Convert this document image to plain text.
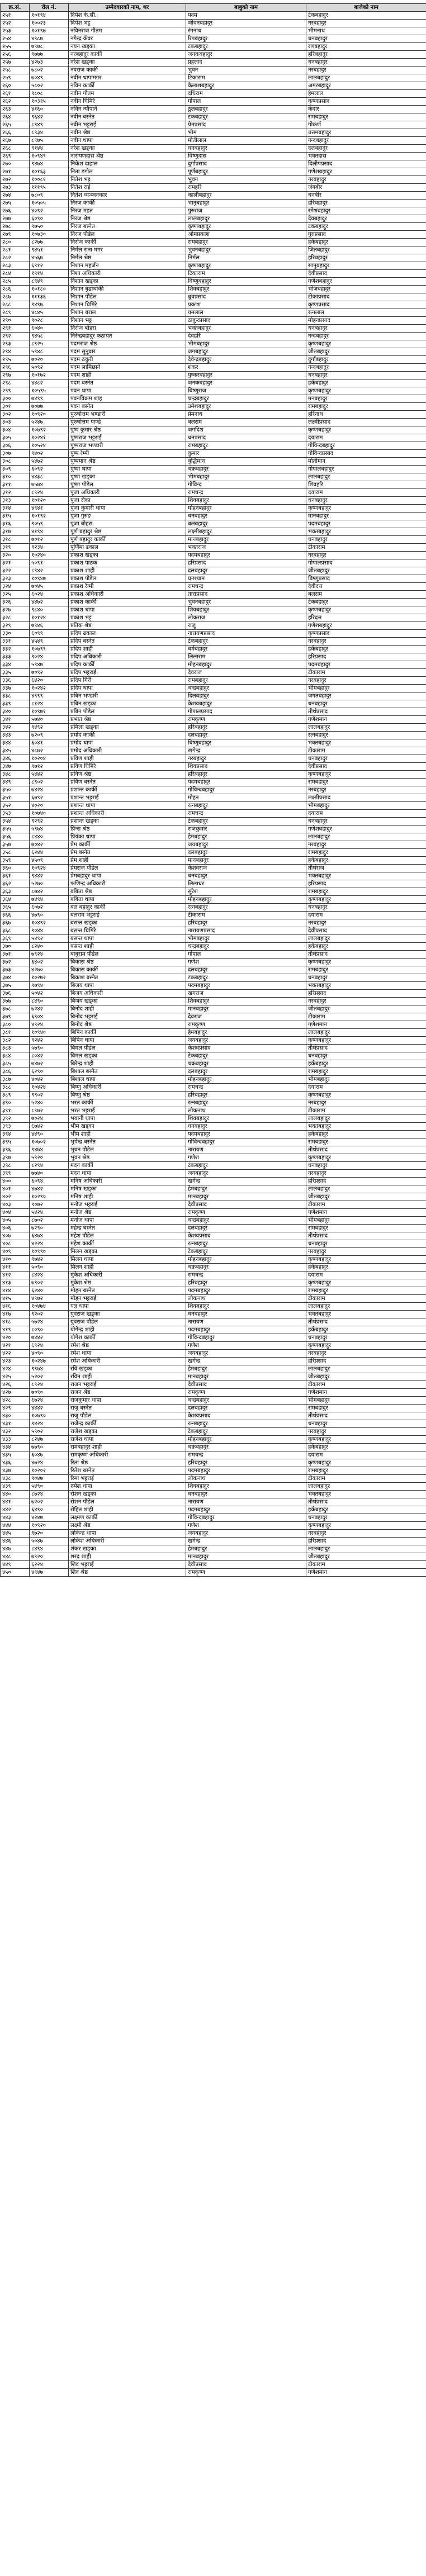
क्र.सं.	रोल नं.	उम्मेदवारको नाम, थर	बाबुको नाम	बाजेको नाम
२५१	१०१९४	दिपेश के.सी.	पदम	टेकबहादुर
२५२	१००२३	दिपेश भट्ट	जीवनबहादुर	नरबहादुर
२५३	१०१९७	नविनराज गौतम	रंगनाथ	भीमनाथ
२५४	४९८७	नगेन्द्र कँवर	रिपबहादुर	धनबहादुर
२५५	७९७८	नयन खड्का	टकबहादुर	रणबहादुर
२५६	९७७७	नरबहादुर कार्की	जनकबहादुर	हरिबहादुर
२५७	४२७३	नरेश खड्का	प्रहलाद	धनबहादुर
२५८	७८०२	नवराज कार्की	भुवन	नरबहादुर
२५९	७०४९	नवीन थापामगर	टिकाराम	लालबहादुर
२६०	५८०२	नविन कार्की	कैलाशबहादुर	अमरबहादुर
२६१	९८०८	नवीन गौतम	दधिराम	हेमलाल
२६२	१०३१५	नवीन घिमिरे	गोपाल	कृष्णप्रसाद
२६३	४१६०	नविन न्यौपाने	ठुलबहादुर	केदार
२६४	९६४२	नवीन बस्नेत	टकबहादुर	रामबहादुर
२६५	८९४९	नवीन भट्टराई	प्रेमप्रसाद	गोकर्ण
२६६	८९३४	नवीन श्रेष्ठ	भीम	उत्तमबहादुर
२६७	८९७५	नवीन थापा	मोतीलाल	नन्दबहादुर
२६८	९१४४	नरेश खड्का	धनबहादुर	दलबहादुर
२६९	१०९४९	नारायणदास श्रेष्ठ	विष्णुदास	भक्तदास
२७०	९४७४	निकेश दाहाल	दुर्गाप्रसाद	दिलीपप्रसाद
२७१	१०१६३	निता डगोल	पूर्णबहादुर	गणेशबहादुर
२७२	१००८१	नितेश भट्ट	भुवन	नरबहादुर
२७३	१११९५	नितेश राई	रामहरि	जंगबीर
२७४	७८०९	नितेश व्यञ्जनकार	कालीबहादुर	धनबीर
२७५	१०५०५	निरज कार्की	भानुबहादुर	हरिबहादुर
२७६	४०९२	निरज महत	पुरुराज	रमेशबहादुर
२७७	६०९०	निरज श्रेष्ठ	लालबहादुर	देवबहादुर
२७८	९७५०	निरज बस्नेत	कृष्णबहादुर	टकबहादुर
२७९	१०७३०	निरज पौडेल	ओमप्रकाश	गुरुप्रसाद
२८०	८२७७	निरोज कार्की	रामबहादुर	हर्कबहादुर
२८१	९४५१	निर्मल राना मगर	भुवनबहादुर	जितबहादुर
२८२	४५६७	निर्मल श्रेष्ठ	निर्मल	हरिबहादुर
२८३	६९१२	निशान महर्जन	कृष्णबहादुर	सानुबहादुर
२८४	१९१४	निशा अधिकारी	टिकाराम	देवीप्रसाद
२८५	८९४९	निशान खड्का	बिष्णुबहादुर	गणेशबहादुर
२८६	१०१८०	निशान बुढाथोकी	शिवबहादुर	भोजबहादुर
२८७	१११३६	निशान पौडेल	ध्रुवप्रसाद	टीकाप्रसाद
२८८	९४९७	निशान घिमिरे	प्रकाश	कृष्णप्रसाद
२८९	४८४५	निशान बराल	यमलाल	रत्नलाल
२९०	९०२८	निशान भट्ट	ठाकुरप्रसाद	मोहनप्रसाद
२९१	६०४०	निरोज बोहरा	भक्तबहादुर	धनबहादुर
२९२	९४५८	निरेन्द्रबहादुर कठायत	देवहरि	नन्दबहादुर
२९३	८९२५	पदमराज श्रेष्ठ	भीमबहादुर	कृष्णबहादुर
२९४	५९४८	पदम सुनुवार	जगबहादुर	जीतबहादुर
२९५	७०२०	पदम ठकुरी	देवेन्द्रबहादुर	दुर्गाबहादुर
२९६	५०९२	पदम लामिछाने	शंकर	नन्दबहादुर
२९७	१०१७२	पदम शाही	पुष्करबहादुर	धनबहादुर
२९८	४४८२	पदम बस्नेत	जनकबहादुर	हर्कबहादुर
२९९	१०५९५	पवन थापा	बिष्णुराज	कृष्णबहादुर
३००	७४९९	पवनविक्रम शाह	चन्द्रबहादुर	मनबहादुर
३०१	७०७७	पवन बस्नेत	उमेशबहादुर	रामबहादुर
३०२	१०९२०	पुरुषोत्तम भण्डारी	प्रेमनाथ	हरिनाथ
३०३	५२४७	पुरुषोत्तम पाण्डे	बलराम	लक्ष्मीप्रसाद
३०४	१०७९२	पुष्प कुमार श्रेष्ठ	जगदिश	कृष्णबहादुर
३०५	१०२४१	पुष्पराज भट्टराई	धनप्रसाद	दयाराम
३०६	१०५२४	पुष्पराज भण्डारी	रामबहादुर	गोविन्दबहादुर
३०७	९४०२	पुष्प रेग्मी	कुमार	गोविन्दप्रसाद
३०८	५४७२	पुष्पमान श्रेष्ठ	बुद्धिमान	मोतीमान
३०९	६०९२	पुष्पा थापा	चक्रबहादुर	गोपालबहादुर
३१०	४४३८	पुष्पा खड्का	भीमबहादुर	लालबहादुर
३११	७५७४	पुष्पा पौडेल	गोविन्द	शिवहरि
३१२	८९२४	पूजा अधिकारी	रामचन्द्र	दयाराम
३१३	१०१२०	पूजा रोका	शिवबहादुर	धनबहादुर
३१४	४९४१	पूजा कुमारी थापा	मोहनबहादुर	कृष्णबहादुर
३१५	१०१९२	पूजा गुरुङ	धनबहादुर	मानबहादुर
३१६	९०५९	पूजा बोहरा	बलबहादुर	पदमबहादुर
३१७	४१९४	पूर्ण बहादुर श्रेष्ठ	लक्ष्मीबहादुर	भक्तबहादुर
३१८	७०१२	पूर्ण बहादुर कार्की	मानबहादुर	धनबहादुर
३१९	९२३४	पूर्णिमा ढकाल	भक्तराज	टीकाराम
३२०	१०२४०	प्रकाश खड्का	पदमबहादुर	नरबहादुर
३२१	५०९१	प्रकाश पाठक	हरिप्रसाद	गोपालप्रसाद
३२२	८९४२	प्रकाश शाही	दलबहादुर	जीतबहादुर
३२३	१०९४७	प्रकाश पौडेल	घनश्याम	बिष्णुप्रसाद
३२४	७०४५	प्रकाश रेग्मी	रामचन्द्र	देवीदत्त
३२५	६०२४	प्रकाश अधिकारी	ताराप्रसाद	बलराम
३२६	४४७२	प्रकाश कार्की	भुवनबहादुर	टेकबहादुर
३२७	९८४०	प्रकाश थापा	शिवबहादुर	कृष्णबहादुर
३२८	१०१२४	प्रकाश भट्ट	लोकराज	हरिदत्त
३२९	७९४६	प्रतिक श्रेष्ठ	राजु	गणेशबहादुर
३३०	६०९९	प्रदिप ढकाल	नारायणप्रसाद	कृष्णप्रसाद
३३१	४५४९	प्रदिप बस्नेत	टंकबहादुर	नरबहादुर
३३२	१०७९९	प्रदिप शाही	धर्मबहादुर	हर्कबहादुर
३३३	९०२४	प्रदिप अधिकारी	लिलाराम	हरिप्रसाद
३३४	५९४७	प्रदिप कार्की	मोहनबहादुर	पदमबहादुर
३३५	७०९२	प्रदिप भट्टराई	देवराज	टीकाराम
३३६	६४२०	प्रदिप गिरी	रामबहादुर	नरबहादुर
३३७	१०२४२	प्रदिप थापा	चन्द्रबहादुर	भीमबहादुर
३३८	४९९९	प्रबिन भण्डारी	दिलबहादुर	जगतबहादुर
३३९	८१२४	प्रबिन खड्का	केशवबहादुर	धनबहादुर
३४०	१०९७१	प्रबिन पौडेल	गोपालप्रसाद	तीर्थप्रसाद
३४१	५७४०	प्रभात श्रेष्ठ	रामकृष्ण	गणेशमान
३४२	९४९२	प्रमिला खड्का	हरिबहादुर	लालबहादुर
३४३	७२०९	प्रमोद कार्की	दलबहादुर	रत्नबहादुर
३४४	६०४१	प्रमोद थापा	बिष्णुबहादुर	भक्तबहादुर
३४५	४८७२	प्रमोद अधिकारी	खगेन्द्र	टीकाराम
३४६	१०२०४	प्रविण शाही	नरबहादुर	धनबहादुर
३४७	९७१२	प्रविण घिमिरे	शिवप्रसाद	देवीप्रसाद
३४८	५४४२	प्रविण श्रेष्ठ	हरिबहादुर	कृष्णबहादुर
३४९	८९०२	प्रविण बस्नेत	पदमबहादुर	रामबहादुर
३५०	७४२४	प्रशान्त कार्की	गोविन्दबहादुर	नरबहादुर
३५१	६७९२	प्रशान्त भट्टराई	मोहन	लक्ष्मीप्रसाद
३५२	४०२०	प्रशान्त थापा	रत्नबहादुर	भीमबहादुर
३५३	१०७४०	प्रशान्त अधिकारी	रामचन्द्र	दयाराम
३५४	९२९२	प्रशान्त खड्का	टेकबहादुर	धनबहादुर
३५५	५९७४	प्रिन्स श्रेष्ठ	राजकुमार	गणेशबहादुर
३५६	८४४०	प्रियंका थापा	हेमबहादुर	लालबहादुर
३५७	७०४२	प्रेम कार्की	जयबहादुर	नरबहादुर
३५८	६२४४	प्रेम बस्नेत	दलबहादुर	रामबहादुर
३५९	४५०९	प्रेम शाही	मानबहादुर	हर्कबहादुर
३६०	१०९२४	प्रेमराज पौडेल	केशवराज	तीर्थराज
३६१	९४४२	प्रेमबहादुर थापा	धनबहादुर	भक्तबहादुर
३६२	५२७०	फणिन्द्र अधिकारी	लिलाधर	हरिप्रसाद
३६३	८७४२	बबिता श्रेष्ठ	सुरेश	रामबहादुर
३६४	७४९४	बबिता थापा	मोहनबहादुर	कृष्णबहादुर
३६५	६०७२	बल बहादुर कार्की	रत्नबहादुर	धनबहादुर
३६६	४७९०	बलराम भट्टराई	टीकाराम	दयाराम
३६७	१०४९२	बसन्त खड्का	हरिबहादुर	नरबहादुर
३६८	९०४४	बसन्त घिमिरे	नारायणप्रसाद	देवीप्रसाद
३६९	५४९२	बसन्त थापा	भीमबहादुर	लालबहादुर
३७०	८२४०	बसन्त शाही	चन्द्रबहादुर	हर्कबहादुर
३७१	७९२४	बाबुराम पौडेल	गोपाल	तीर्थप्रसाद
३७२	६४०२	बिकास श्रेष्ठ	गणेश	कृष्णबहादुर
३७३	४२७०	बिकास कार्की	दलबहादुर	रामबहादुर
३७४	१०२७२	बिकाश बस्नेत	टंकबहादुर	धनबहादुर
३७५	९७९४	बिजय थापा	पदमबहादुर	भक्तबहादुर
३७६	५०४२	बिजय अधिकारी	खगराज	हरिप्रसाद
३७७	८४९०	बिजय खड्का	शिवबहादुर	नरबहादुर
३७८	७२४२	बिनोद शाही	मानबहादुर	जीतबहादुर
३७९	६९०४	बिनोद भट्टराई	देवराज	टीकाराम
३८०	४९२४	बिनोद श्रेष्ठ	रामकृष्ण	गणेशमान
३८१	१०९४०	बिपिन कार्की	हेमबहादुर	लालबहादुर
३८२	९२४२	बिपिन थापा	जयबहादुर	कृष्णबहादुर
३८३	५७९०	बिमल पौडेल	केशवप्रसाद	तीर्थप्रसाद
३८४	८०४२	बिमल खड्का	टेकबहादुर	धनबहादुर
३८५	७४७२	बिरेन्द्र शाही	चक्रबहादुर	हर्कबहादुर
३८६	६२९०	बिशाल बस्नेत	दलबहादुर	रामबहादुर
३८७	४०४२	बिशाल थापा	मोहनबहादुर	भीमबहादुर
३८८	१०४२४	बिष्णु अधिकारी	रामचन्द्र	दयाराम
३८९	९९०२	बिष्णु श्रेष्ठ	हरिबहादुर	कृष्णबहादुर
३९०	५२४०	भरत कार्की	रत्नबहादुर	नरबहादुर
३९१	८९७२	भरत भट्टराई	लोकनाथ	टीकाराम
३९२	७०२४	भवानी थापा	शिवबहादुर	लालबहादुर
३९३	६७४२	भीम खड्का	धनबहादुर	भक्तबहादुर
३९४	४४९०	भीम शाही	पदमबहादुर	हर्कबहादुर
३९५	१०७०२	भुपेन्द्र बस्नेत	गोविन्दबहादुर	रामबहादुर
३९६	९४७४	भुवन पौडेल	नारायण	तीर्थप्रसाद
३९७	५९२०	भुवन श्रेष्ठ	गणेश	कृष्णबहादुर
३९८	८२९४	मदन कार्की	टंकबहादुर	धनबहादुर
३९९	७७४०	मदन थापा	जयबहादुर	नरबहादुर
४००	६०९४	मनिष अधिकारी	खगेन्द्र	हरिप्रसाद
४०१	४७४२	मनिष खड्का	हेमबहादुर	लालबहादुर
४०२	१०२९०	मनिष शाही	मानबहादुर	जीतबहादुर
४०३	९०७२	मनोज भट्टराई	देवीप्रसाद	टीकाराम
४०४	५४२४	मनोज श्रेष्ठ	रामकृष्ण	गणेशमान
४०५	८७०२	मनोज थापा	चन्द्रबहादुर	भीमबहादुर
४०६	७२९०	महेन्द्र बस्नेत	दलबहादुर	रामबहादुर
४०७	६४७४	महेश पौडेल	केशवप्रसाद	तीर्थप्रसाद
४०८	४२२४	महेश कार्की	रत्नबहादुर	धनबहादुर
४०९	१०९९०	मिलन खड्का	टेकबहादुर	नरबहादुर
४१०	९७४२	मिलन थापा	मोहनबहादुर	कृष्णबहादुर
४११	५०९०	मिलन शाही	चक्रबहादुर	हर्कबहादुर
४१२	८४२४	मुकेश अधिकारी	रामचन्द्र	दयाराम
४१३	७९०२	मुकेश श्रेष्ठ	हरिबहादुर	कृष्णबहादुर
४१४	६२४०	मोहन बस्नेत	पदमबहादुर	रामबहादुर
४१५	४९७२	मोहन भट्टराई	लोकनाथ	टीकाराम
४१६	१०४७४	यज्ञ थापा	शिवबहादुर	लालबहादुर
४१७	९२०२	युवराज खड्का	धनबहादुर	भक्तबहादुर
४१८	५७२४	युवराज पौडेल	नारायण	तीर्थप्रसाद
४१९	८०९०	योगेन्द्र शाही	पदमबहादुर	हर्कबहादुर
४२०	७४४२	योगेश कार्की	गोविन्दबहादुर	धनबहादुर
४२१	६९२४	रमेश श्रेष्ठ	गणेश	कृष्णबहादुर
४२२	४०९०	रमेश थापा	जयबहादुर	नरबहादुर
४२३	१०२४७	रमेश अधिकारी	खगेन्द्र	हरिप्रसाद
४२४	९९७४	रवि खड्का	हेमबहादुर	लालबहादुर
४२५	५२०२	रविन शाही	मानबहादुर	जीतबहादुर
४२६	८९२४	राजन भट्टराई	देवीप्रसाद	टीकाराम
४२७	७०९०	राजन श्रेष्ठ	रामकृष्ण	गणेशमान
४२८	६७२४	राजकुमार थापा	चन्द्रबहादुर	भीमबहादुर
४२९	४४४२	राजु बस्नेत	दलबहादुर	रामबहादुर
४३०	१०७९०	राजु पौडेल	केशवप्रसाद	तीर्थप्रसाद
४३१	९४२४	राजेन्द्र कार्की	रत्नबहादुर	धनबहादुर
४३२	५९०२	राजेश खड्का	टेकबहादुर	नरबहादुर
४३३	८२४७	राजेश थापा	मोहनबहादुर	कृष्णबहादुर
४३४	७७९०	रामबहादुर शाही	चक्रबहादुर	हर्कबहादुर
४३५	६०४७	रामकृष्ण अधिकारी	रामचन्द्र	दयाराम
४३६	४७२४	रिता श्रेष्ठ	हरिबहादुर	कृष्णबहादुर
४३७	१०२०२	रितेश बस्नेत	पदमबहादुर	रामबहादुर
४३८	९०४७	रिमा भट्टराई	लोकनाथ	टीकाराम
४३९	५४९०	रुपेश थापा	शिवबहादुर	लालबहादुर
४४०	८७२४	रोशन खड्का	धनबहादुर	भक्तबहादुर
४४१	७२०२	रोशन पौडेल	नारायण	तीर्थप्रसाद
४४२	६४९०	रोहित शाही	पदमबहादुर	हर्कबहादुर
४४३	४२४७	लक्ष्मण कार्की	गोविन्दबहादुर	धनबहादुर
४४४	१०९२०	लक्ष्मी श्रेष्ठ	गणेश	कृष्णबहादुर
४४५	९७२०	लोकेन्द्र थापा	जयबहादुर	नरबहादुर
४४६	५०४७	लोकेश अधिकारी	खगेन्द्र	हरिप्रसाद
४४७	८४९४	शंकर खड्का	हेमबहादुर	लालबहादुर
४४८	७९२०	शरद शाही	मानबहादुर	जीतबहादुर
४४९	६२२४	शिव भट्टराई	देवीप्रसाद	टीकाराम
४५०	४९४७	शिव श्रेष्ठ	रामकृष्ण	गणेशमान
